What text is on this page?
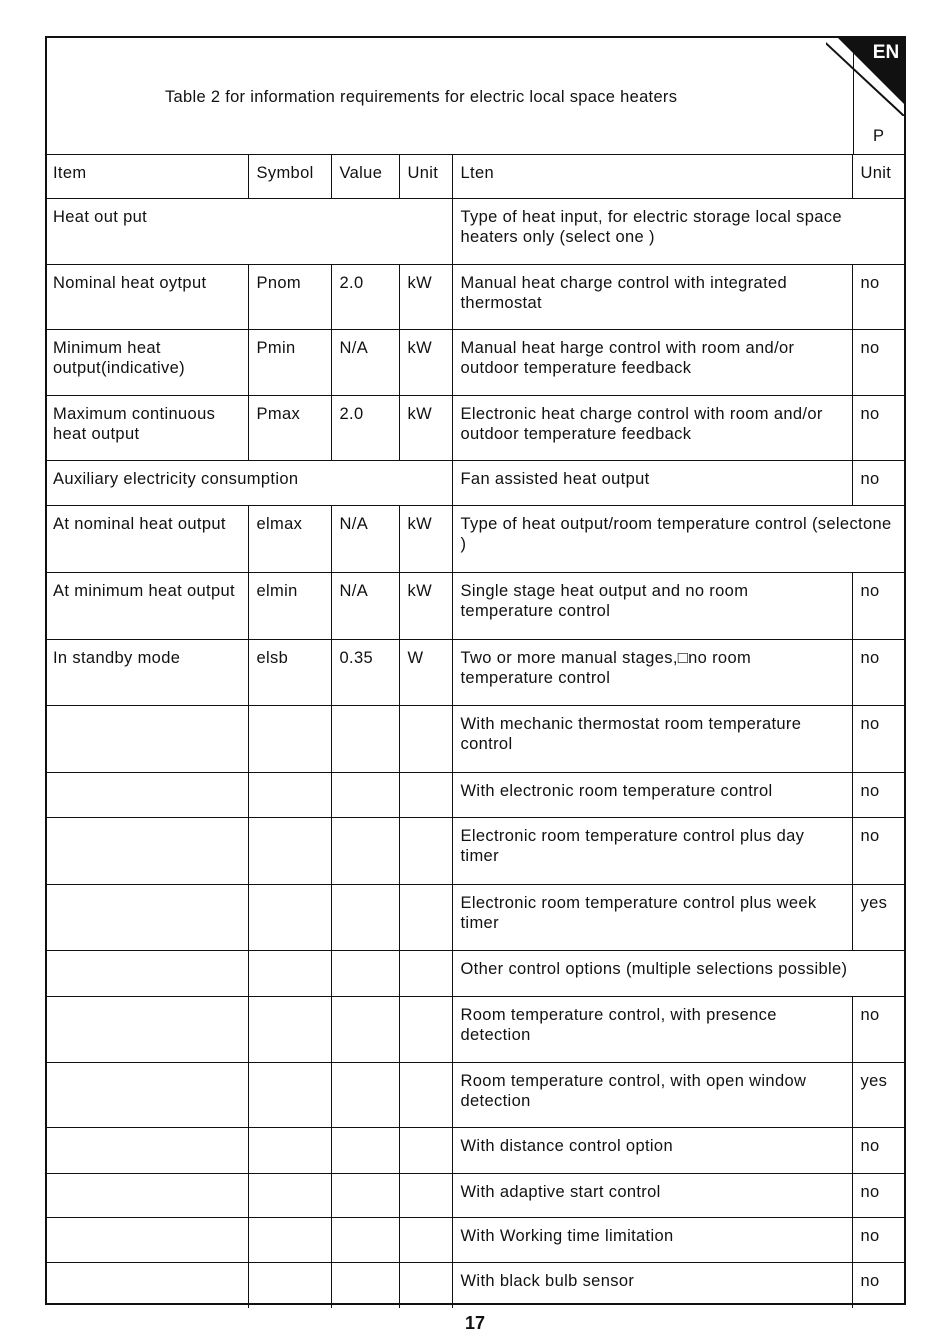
EN
Table 2 for information requirements for electric local space heaters
P
Item	Symbol	Value	Unit	Lten	Unit
Heat out put				Type of heat input, for electric storage local space heaters only (select one )	
Nominal heat oytput	Pnom	2.0	kW	Manual heat charge control with integrated thermostat	no
Minimum heat output(indicative)	Pmin	N/A	kW	Manual heat harge control with room and/or outdoor temperature feedback	no
Maximum continuous heat output	Pmax	2.0	kW	Electronic heat charge control with room and/or outdoor temperature feedback	no
Auxiliary electricity consumption				Fan assisted heat output	no
At nominal heat output	elmax	N/A	kW	Type of heat output/room temperature control (selectone )	
At minimum heat output	elmin	N/A	kW	Single stage heat output and no room temperature control	no
In standby mode	elsb	0.35	W	Two or more manual stages,□no room temperature control	no
				With mechanic thermostat room temperature control	no
				With electronic room temperature control	no
				Electronic room temperature control plus day timer	no
				Electronic room temperature control plus week timer	yes
				Other control options (multiple selections possible)	
				Room temperature control, with presence detection	no
				Room temperature control, with open window detection	yes
				With distance control option	no
				With adaptive start control	no
				With Working time limitation	no
				With black bulb sensor	no
17
